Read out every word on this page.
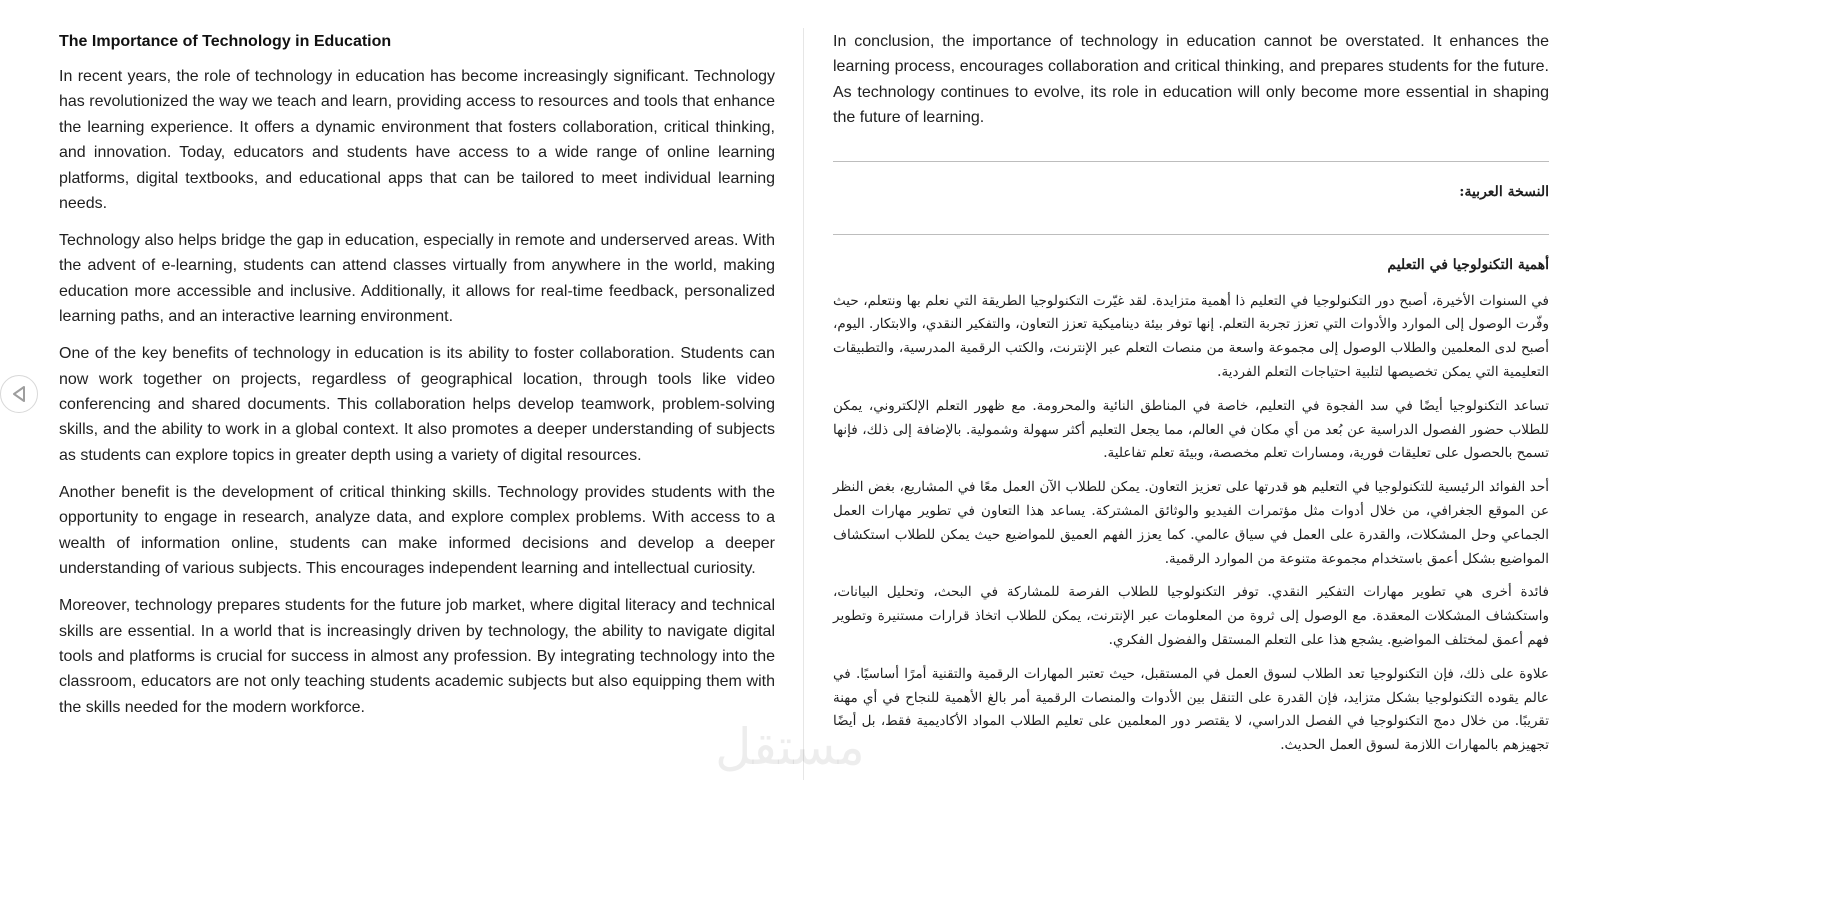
The Importance of Technology in Education

In recent years, the role of technology in education has become increasingly significant. Technology has revolutionized the way we teach and learn, providing access to resources and tools that enhance the learning experience. It offers a dynamic environment that fosters collaboration, critical thinking, and innovation. Today, educators and students have access to a wide range of online learning platforms, digital textbooks, and educational apps that can be tailored to meet individual learning needs.

Technology also helps bridge the gap in education, especially in remote and underserved areas. With the advent of e-learning, students can attend classes virtually from anywhere in the world, making education more accessible and inclusive. Additionally, it allows for real-time feedback, personalized learning paths, and an interactive learning environment.

One of the key benefits of technology in education is its ability to foster collaboration. Students can now work together on projects, regardless of geographical location, through tools like video conferencing and shared documents. This collaboration helps develop teamwork, problem-solving skills, and the ability to work in a global context. It also promotes a deeper understanding of subjects as students can explore topics in greater depth using a variety of digital resources.

Another benefit is the development of critical thinking skills. Technology provides students with the opportunity to engage in research, analyze data, and explore complex problems. With access to a wealth of information online, students can make informed decisions and develop a deeper understanding of various subjects. This encourages independent learning and intellectual curiosity.

Moreover, technology prepares students for the future job market, where digital literacy and technical skills are essential. In a world that is increasingly driven by technology, the ability to navigate digital tools and platforms is crucial for success in almost any profession. By integrating technology into the classroom, educators are not only teaching students academic subjects but also equipping them with the skills needed for the modern workforce.

In conclusion, the importance of technology in education cannot be overstated. It enhances the learning process, encourages collaboration and critical thinking, and prepares students for the future. As technology continues to evolve, its role in education will only become more essential in shaping the future of learning.

النسخة العربية:
أهمية التكنولوجيا في التعليم

في السنوات الأخيرة، أصبح دور التكنولوجيا في التعليم ذا أهمية متزايدة. لقد غيّرت التكنولوجيا الطريقة التي نعلم بها ونتعلم، حيث وفّرت الوصول إلى الموارد والأدوات التي تعزز تجربة التعلم. إنها توفر بيئة ديناميكية تعزز التعاون، والتفكير النقدي، والابتكار. اليوم، أصبح لدى المعلمين والطلاب الوصول إلى مجموعة واسعة من منصات التعلم عبر الإنترنت، والكتب الرقمية المدرسية، والتطبيقات التعليمية التي يمكن تخصيصها لتلبية احتياجات التعلم الفردية.

تساعد التكنولوجيا أيضًا في سد الفجوة في التعليم، خاصة في المناطق النائية والمحرومة. مع ظهور التعلم الإلكتروني، يمكن للطلاب حضور الفصول الدراسية عن بُعد من أي مكان في العالم، مما يجعل التعليم أكثر سهولة وشمولية. بالإضافة إلى ذلك، فإنها تسمح بالحصول على تعليقات فورية، ومسارات تعلم مخصصة، وبيئة تعلم تفاعلية.

أحد الفوائد الرئيسية للتكنولوجيا في التعليم هو قدرتها على تعزيز التعاون. يمكن للطلاب الآن العمل معًا في المشاريع، بغض النظر عن الموقع الجغرافي، من خلال أدوات مثل مؤتمرات الفيديو والوثائق المشتركة. يساعد هذا التعاون في تطوير مهارات العمل الجماعي وحل المشكلات، والقدرة على العمل في سياق عالمي. كما يعزز الفهم العميق للمواضيع حيث يمكن للطلاب استكشاف المواضيع بشكل أعمق باستخدام مجموعة متنوعة من الموارد الرقمية.

فائدة أخرى هي تطوير مهارات التفكير النقدي. توفر التكنولوجيا للطلاب الفرصة للمشاركة في البحث، وتحليل البيانات، واستكشاف المشكلات المعقدة. مع الوصول إلى ثروة من المعلومات عبر الإنترنت، يمكن للطلاب اتخاذ قرارات مستنيرة وتطوير فهم أعمق لمختلف المواضيع. يشجع هذا على التعلم المستقل والفضول الفكري.

علاوة على ذلك، فإن التكنولوجيا تعد الطلاب لسوق العمل في المستقبل، حيث تعتبر المهارات الرقمية والتقنية أمرًا أساسيًا. في عالم يقوده التكنولوجيا بشكل متزايد، فإن القدرة على التنقل بين الأدوات والمنصات الرقمية أمر بالغ الأهمية للنجاح في أي مهنة تقريبًا. من خلال دمج التكنولوجيا في الفصل الدراسي، لا يقتصر دور المعلمين على تعليم الطلاب المواد الأكاديمية فقط، بل أيضًا تجهيزهم بالمهارات اللازمة لسوق العمل الحديث.

مستقل
